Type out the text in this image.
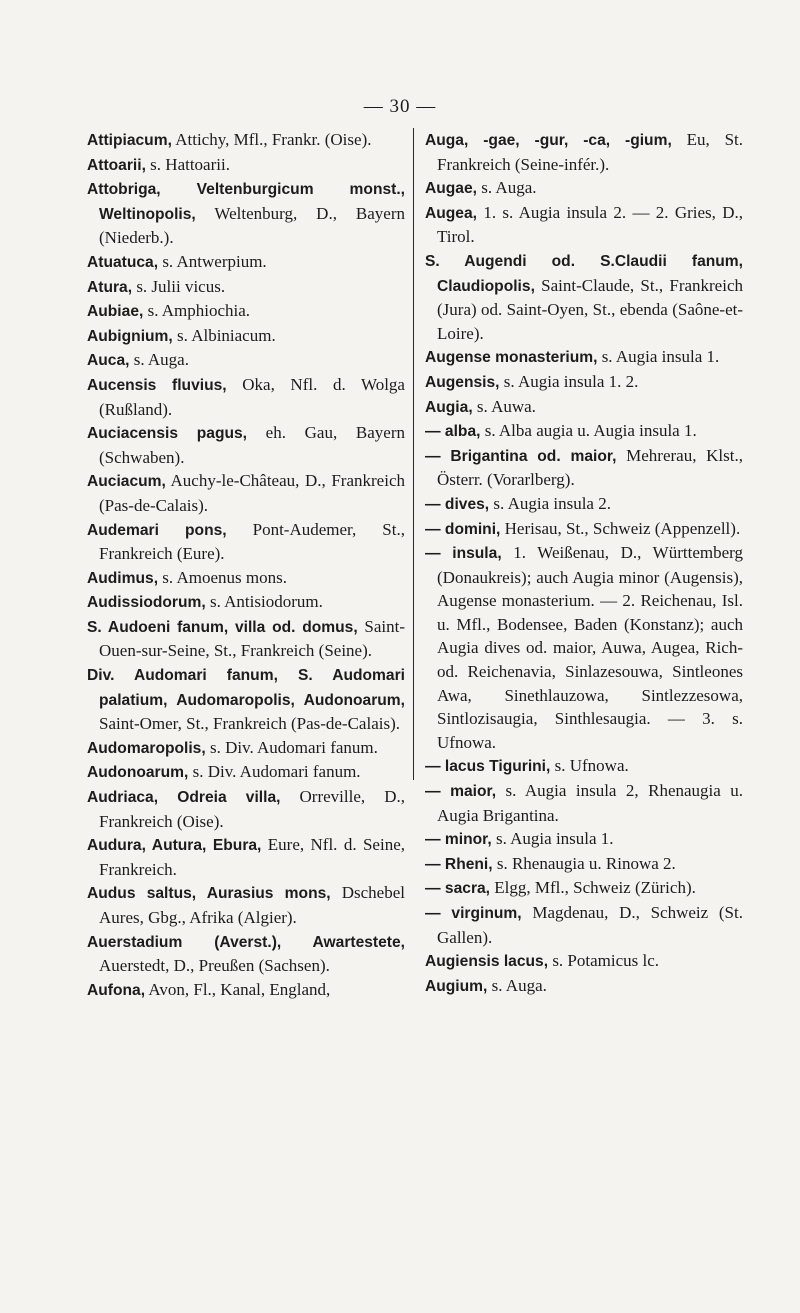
— 30 —

Attipiacum, Attichy, Mfl., Frankr. (Oise).

Attoarii, s. Hattoarii.

Attobriga, Veltenburgicum monst., Weltinopolis, Weltenburg, D., Bayern (Niederb.).

Atuatuca, s. Antwerpium.

Atura, s. Julii vicus.

Aubiae, s. Amphiochia.

Aubignium, s. Albiniacum.

Auca, s. Auga.

Aucensis fluvius, Oka, Nfl. d. Wolga (Rußland).

Auciacensis pagus, eh. Gau, Bayern (Schwaben).

Auciacum, Auchy-le-Château, D., Frankreich (Pas-de-Calais).

Audemari pons, Pont-Audemer, St., Frankreich (Eure).

Audimus, s. Amoenus mons.

Audissiodorum, s. Antisiodorum.

S. Audoeni fanum, villa od. domus, Saint-Ouen-sur-Seine, St., Frankreich (Seine).

Div. Audomari fanum, S. Audomari palatium, Audomaropolis, Audonoarum, Saint-Omer, St., Frankreich (Pas-de-Calais).

Audomaropolis, s. Div. Audomari fanum.

Audonoarum, s. Div. Audomari fanum.

Audriaca, Odreia villa, Orreville, D., Frankreich (Oise).

Audura, Autura, Ebura, Eure, Nfl. d. Seine, Frankreich.

Audus saltus, Aurasius mons, Dschebel Aures, Gbg., Afrika (Algier).

Auerstadium (Averst.), Awartestete, Auerstedt, D., Preußen (Sachsen).

Aufona, Avon, Fl., Kanal, England,

Auga, -gae, -gur, -ca, -gium, Eu, St. Frankreich (Seine-infér.).

Augae, s. Auga.

Augea, 1. s. Augia insula 2. — 2. Gries, D., Tirol.

S. Augendi od. S.Claudii fanum, Claudiopolis, Saint-Claude, St., Frankreich (Jura) od. Saint-Oyen, St., ebenda (Saône-et-Loire).

Augense monasterium, s. Augia insula 1.

Augensis, s. Augia insula 1. 2.

Augia, s. Auwa.

— alba, s. Alba augia u. Augia insula 1.

— Brigantina od. maior, Mehrerau, Klst., Österr. (Vorarlberg).

— dives, s. Augia insula 2.

— domini, Herisau, St., Schweiz (Appenzell).

— insula, 1. Weißenau, D., Württemberg (Donaukreis); auch Augia minor (Augensis), Augense monasterium. — 2. Reichenau, Isl. u. Mfl., Bodensee, Baden (Konstanz); auch Augia dives od. maior, Auwa, Augea, Rich- od. Reichenavia, Sinlazesouwa, Sintleones Awa, Sinethlauzowa, Sintlezzesowa, Sintlozisaugia, Sinthlesaugia. — 3. s. Ufnowa.

— lacus Tigurini, s. Ufnowa.

— maior, s. Augia insula 2, Rhenaugia u. Augia Brigantina.

— minor, s. Augia insula 1.

— Rheni, s. Rhenaugia u. Rinowa 2.

— sacra, Elgg, Mfl., Schweiz (Zürich).

— virginum, Magdenau, D., Schweiz (St. Gallen).

Augiensis lacus, s. Potamicus lc.

Augium, s. Auga.
